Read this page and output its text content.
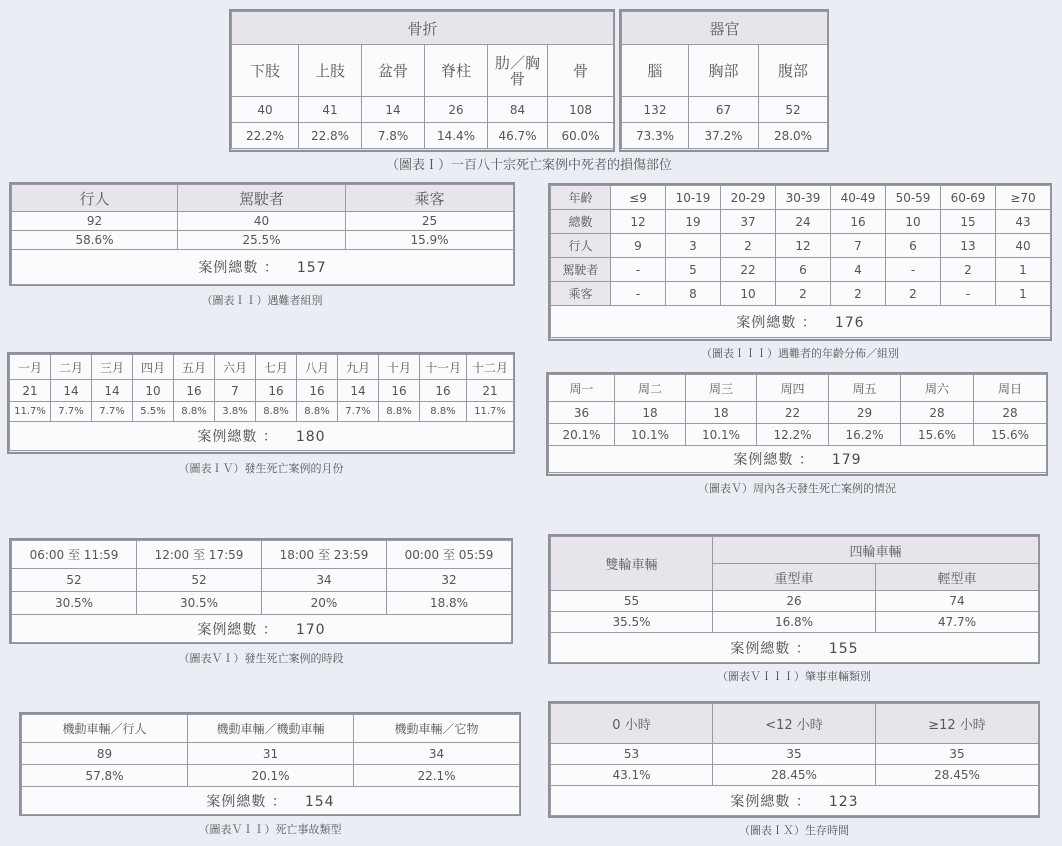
骨折					
下肢	上肢	盆骨	脊柱	肋／胸骨	骨
40	41	14	26	84	108
22.2%	22.8%	7.8%	14.4%	46.7%	60.0%
器官		
腦	胸部	腹部
132	67	52
73.3%	37.2%	28.0%
（圖表Ｉ）一百八十宗死亡案例中死者的損傷部位
行人	駕駛者	乘客
92	40	25
58.6%	25.5%	15.9%
案例總數 ： 157		
（圖表ＩＩ）遇難者組別
年齡	≤9	10-19	20-29	30-39	40-49	50-59	60-69	≥70
總數	12	19	37	24	16	10	15	43
行人	9	3	2	12	7	6	13	40
駕駛者	-	5	22	6	4	-	2	1
乘客	-	8	10	2	2	2	-	1
案例總數 ： 176								
（圖表ＩＩＩ）遇難者的年齡分佈／組別
一月	二月	三月	四月	五月	六月	七月	八月	九月	十月	十一月	十二月
21	14	14	10	16	7	16	16	14	16	16	21
11.7%	7.7%	7.7%	5.5%	8.8%	3.8%	8.8%	8.8%	7.7%	8.8%	8.8%	11.7%
案例總數 ： 180											
（圖表ＩＶ）發生死亡案例的月份
周一	周二	周三	周四	周五	周六	周日
36	18	18	22	29	28	28
20.1%	10.1%	10.1%	12.2%	16.2%	15.6%	15.6%
案例總數 ： 179						
（圖表Ｖ）周內各天發生死亡案例的情況
06:00 至 11:59	12:00 至 17:59	18:00 至 23:59	00:00 至 05:59
52	52	34	32
30.5%	30.5%	20%	18.8%
案例總數 ： 170			
（圖表ＶＩ）發生死亡案例的時段
雙輪車輛	四輪車輛	
	重型車	輕型車
55	26	74
35.5%	16.8%	47.7%
案例總數 ： 155		
（圖表ＶＩＩＩ）肇事車輛類別
機動車輛／行人	機動車輛／機動車輛	機動車輛／它物
89	31	34
57.8%	20.1%	22.1%
案例總數 ： 154		
（圖表ＶＩＩ）死亡事故類型
0 小時	<12 小時	≥12 小時
53	35	35
43.1%	28.45%	28.45%
案例總數 ： 123		
（圖表ＩＸ）生存時間
